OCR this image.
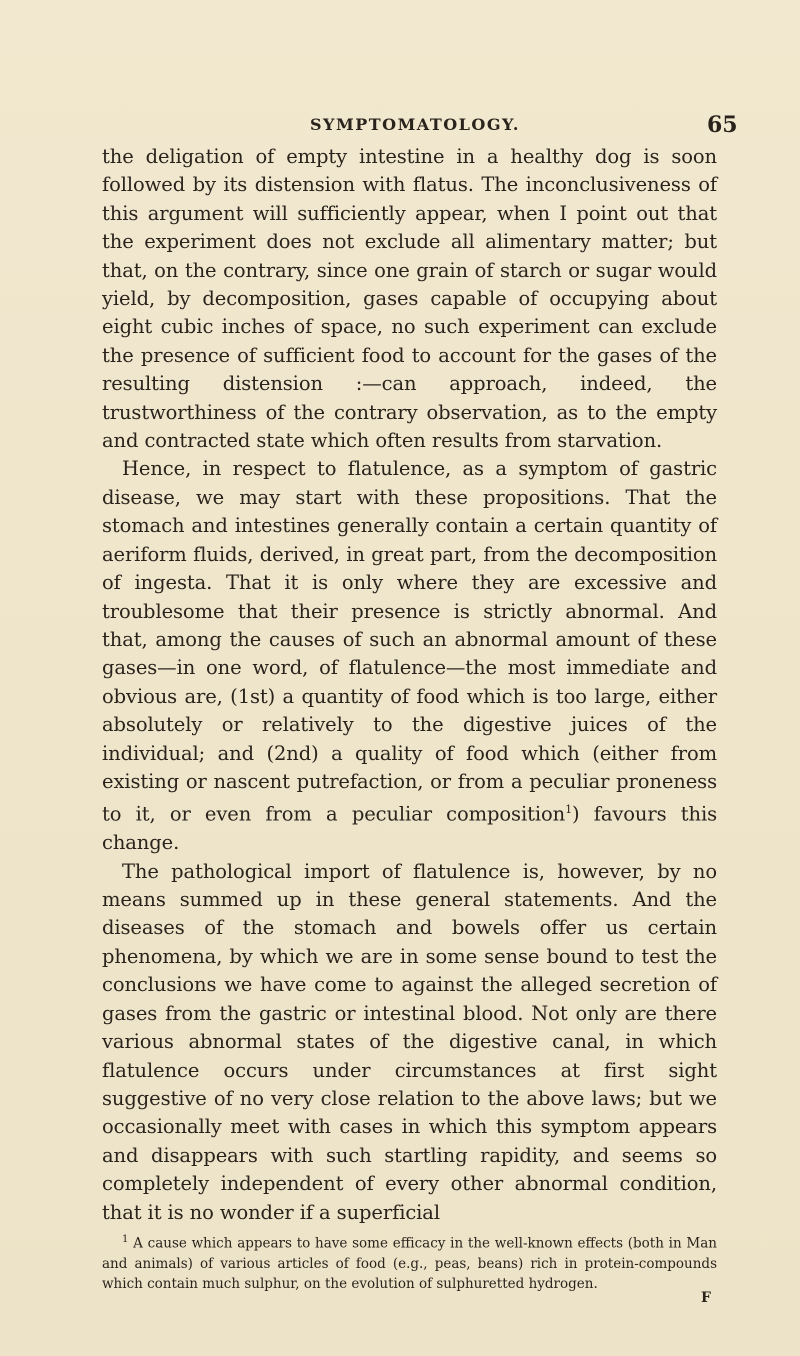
SYMPTOMATOLOGY.	65

the deligation of empty intestine in a healthy dog is soon followed by its distension with flatus. The inconclusiveness of this argument will sufficiently appear, when I point out that the experiment does not exclude all alimentary matter; but that, on the contrary, since one grain of starch or sugar would yield, by decomposition, gases capable of occupying about eight cubic inches of space, no such experiment can exclude the presence of sufficient food to account for the gases of the resulting distension :—can approach, indeed, the trustworthiness of the contrary observation, as to the empty and contracted state which often results from starvation.

Hence, in respect to flatulence, as a symptom of gastric disease, we may start with these propositions. That the stomach and intestines generally contain a certain quantity of aeriform fluids, derived, in great part, from the decomposition of ingesta. That it is only where they are excessive and troublesome that their presence is strictly abnormal. And that, among the causes of such an abnormal amount of these gases—in one word, of flatulence—the most immediate and obvious are, (1st) a quantity of food which is too large, either absolutely or relatively to the digestive juices of the individual; and (2nd) a quality of food which (either from existing or nascent putrefaction, or from a peculiar proneness to it, or even from a peculiar composition$^1$) favours this change.

The pathological import of flatulence is, however, by no means summed up in these general statements. And the diseases of the stomach and bowels offer us certain phenomena, by which we are in some sense bound to test the conclusions we have come to against the alleged secretion of gases from the gastric or intestinal blood. Not only are there various abnormal states of the digestive canal, in which flatulence occurs under circumstances at first sight suggestive of no very close relation to the above laws; but we occasionally meet with cases in which this symptom appears and disappears with such startling rapidity, and seems so completely independent of every other abnormal condition, that it is no wonder if a superficial

$^1$ A cause which appears to have some efficacy in the well-known effects (both in Man and animals) of various articles of food (e.g., peas, beans) rich in protein-compounds which contain much sulphur, on the evolution of sulphuretted hydrogen.
F
